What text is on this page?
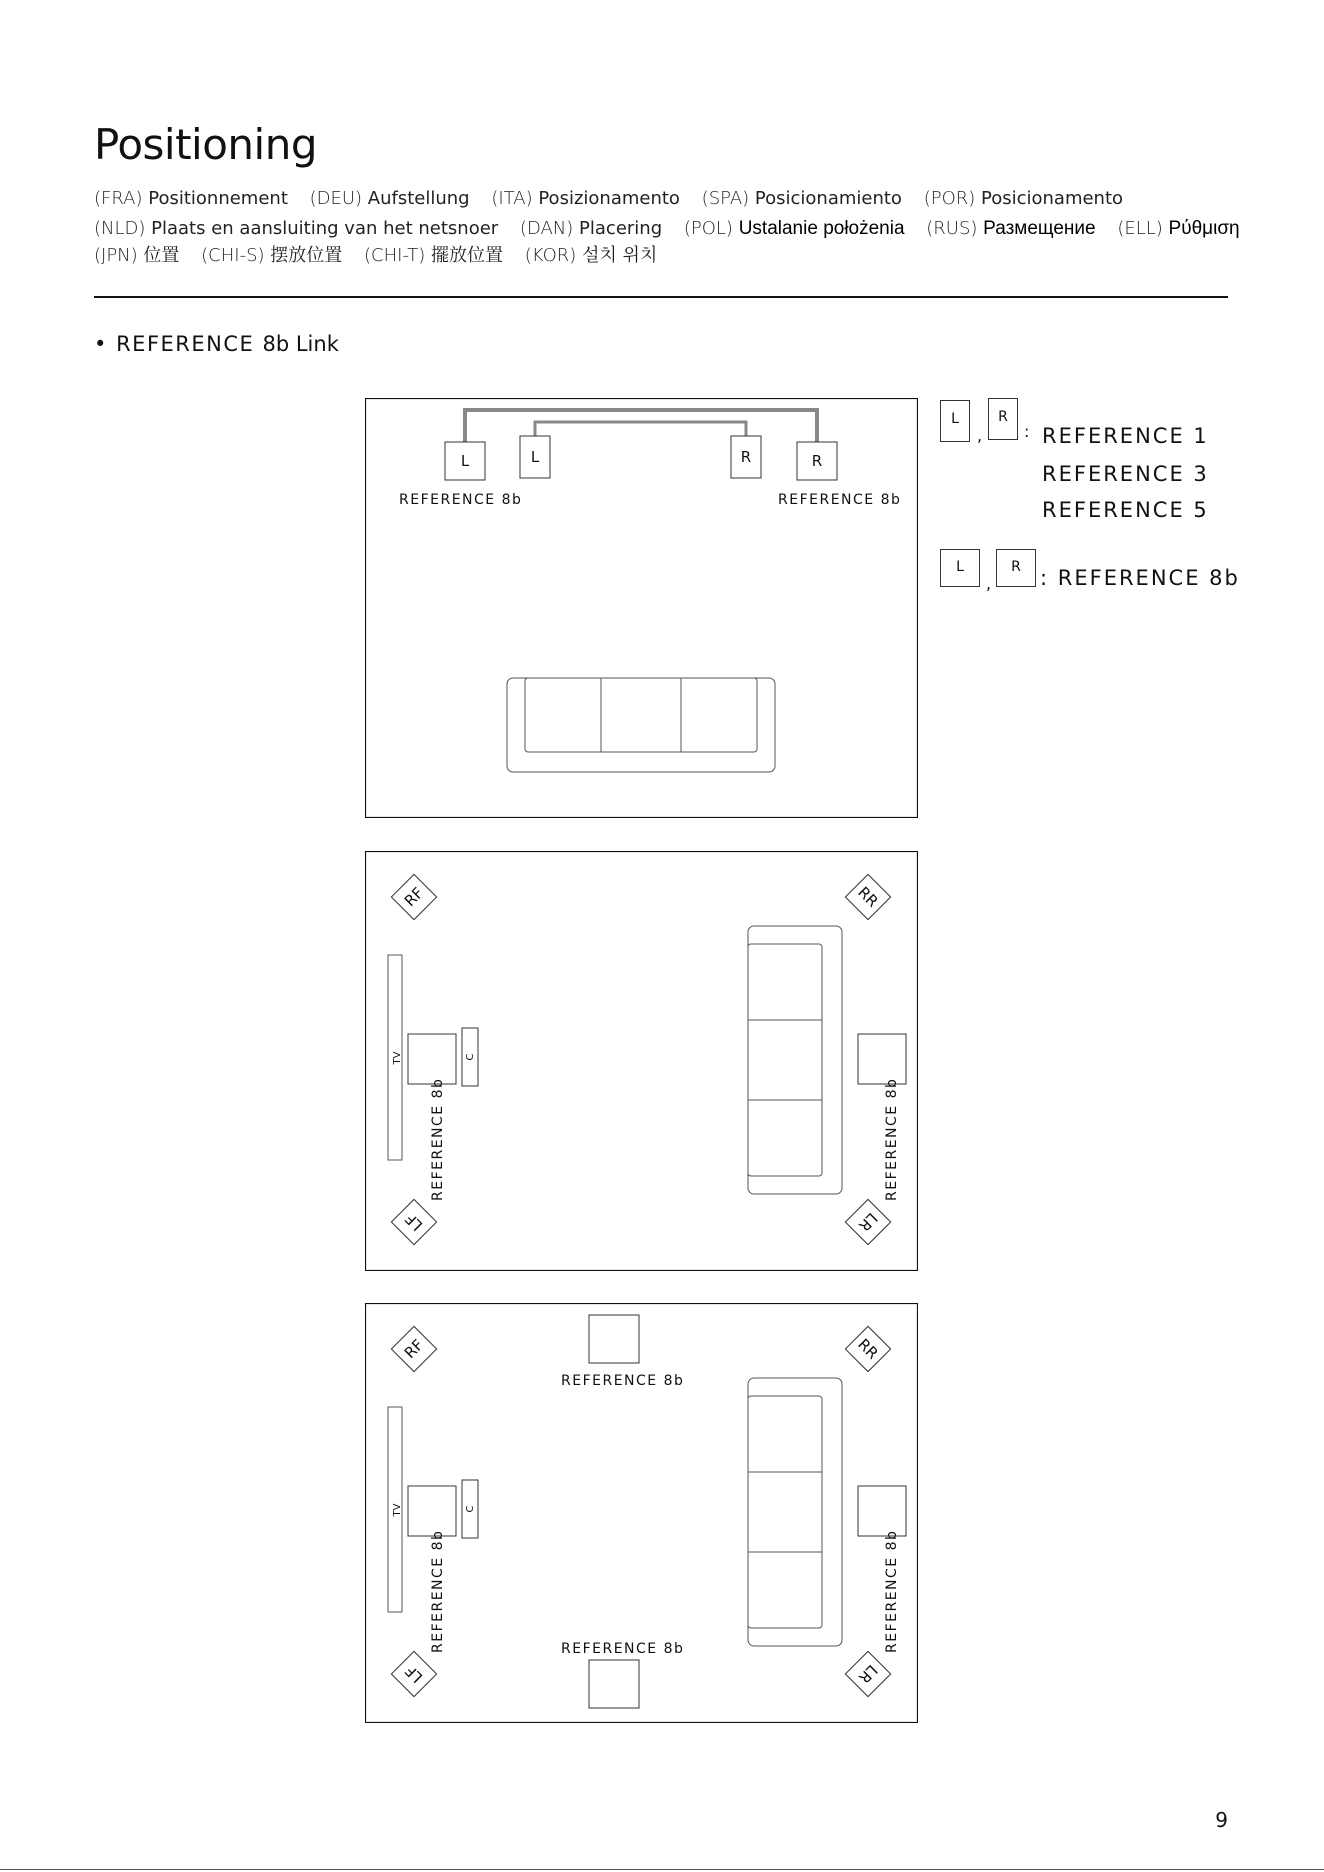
Positioning
(FRA) Positionnement (DEU) Aufstellung (ITA) Posizionamento (SPA) Posicionamiento (POR) Posicionamento
(NLD) Plaats en aansluiting van het netsnoer (DAN) Placering (POL) Ustalanie położenia (RUS) Размещение (ELL) Ρύθμιση
(JPN) 位置 (CHI-S) 摆放位置 (CHI-T) 擺放位置 (KOR) 설치 위치
• REFERENCE 8b Link
L	L	R	R
REFERENCE 8b	REFERENCE 8b
RF	RR
LF	LR
TV	C
REFERENCE 8b	REFERENCE 8b
RF	RR
LF	LR
REFERENCE 8b
REFERENCE 8b
TV	C
REFERENCE 8b	REFERENCE 8b
L
,
R
: REFERENCE 1
REFERENCE 3
REFERENCE 5
L
,
R : REFERENCE 8b
9
